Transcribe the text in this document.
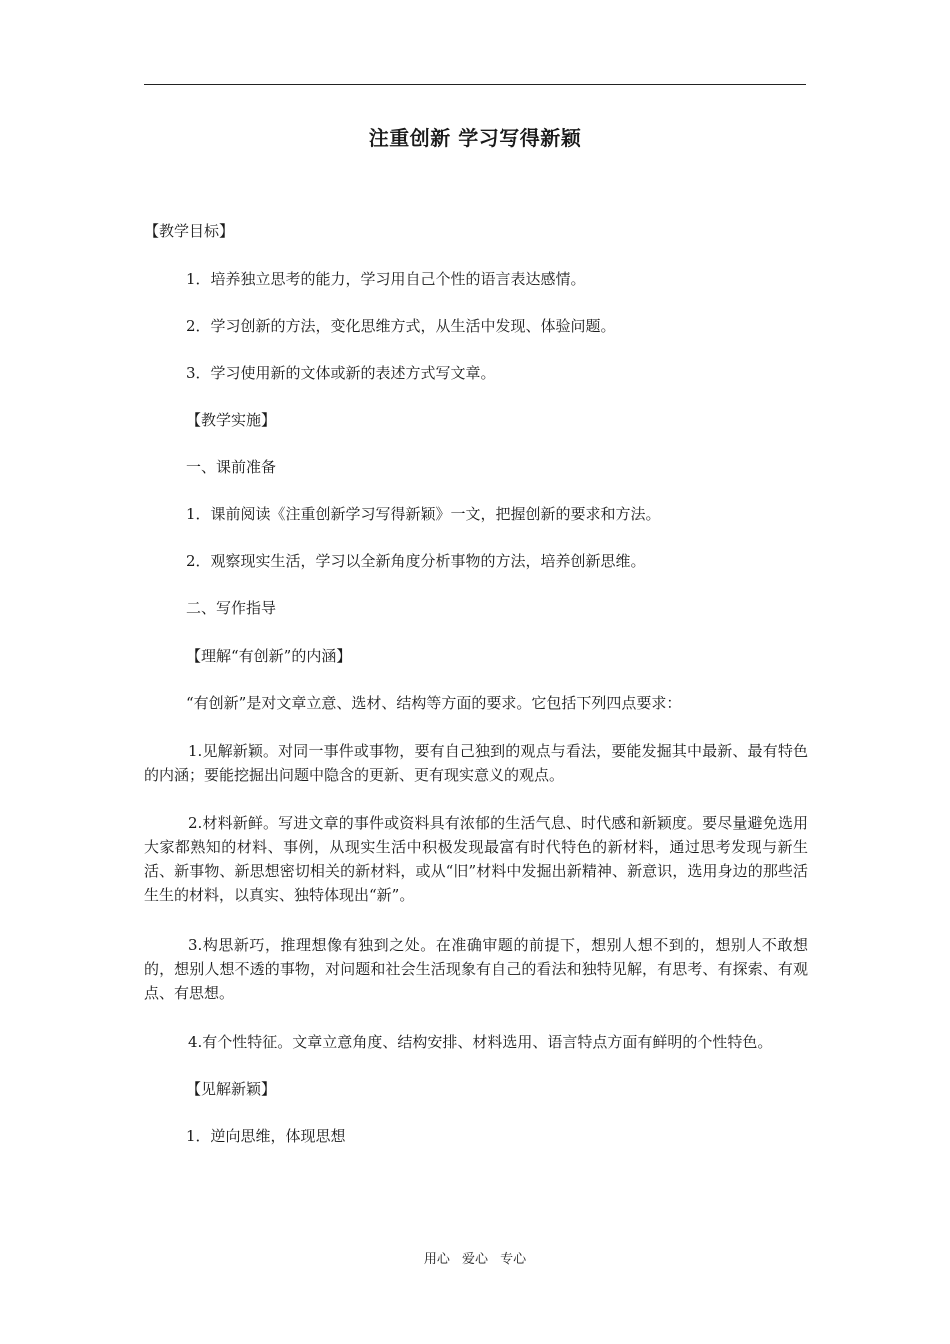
注重创新 学习写得新颖
【教学目标】
1．培养独立思考的能力，学习用自己个性的语言表达感情。
2．学习创新的方法，变化思维方式，从生活中发现、体验问题。
3．学习使用新的文体或新的表述方式写文章。
【教学实施】
一、课前准备
1．课前阅读《注重创新学习写得新颖》一文，把握创新的要求和方法。
2．观察现实生活，学习以全新角度分析事物的方法，培养创新思维。
二、写作指导
【理解“有创新”的内涵】
“有创新”是对文章立意、选材、结构等方面的要求。它包括下列四点要求：
1.见解新颖。对同一事件或事物，要有自己独到的观点与看法，要能发掘其中最新、最有特色的内涵；要能挖掘出问题中隐含的更新、更有现实意义的观点。
2.材料新鲜。写进文章的事件或资料具有浓郁的生活气息、时代感和新颖度。要尽量避免选用大家都熟知的材料、事例，从现实生活中积极发现最富有时代特色的新材料，通过思考发现与新生活、新事物、新思想密切相关的新材料，或从“旧”材料中发掘出新精神、新意识，选用身边的那些活生生的材料，以真实、独特体现出“新”。
3.构思新巧，推理想像有独到之处。在准确审题的前提下，想别人想不到的，想别人不敢想的，想别人想不透的事物，对问题和社会生活现象有自己的看法和独特见解，有思考、有探索、有观点、有思想。
4.有个性特征。文章立意角度、结构安排、材料选用、语言特点方面有鲜明的个性特色。
【见解新颖】
1．逆向思维，体现思想
用心 爱心 专心
